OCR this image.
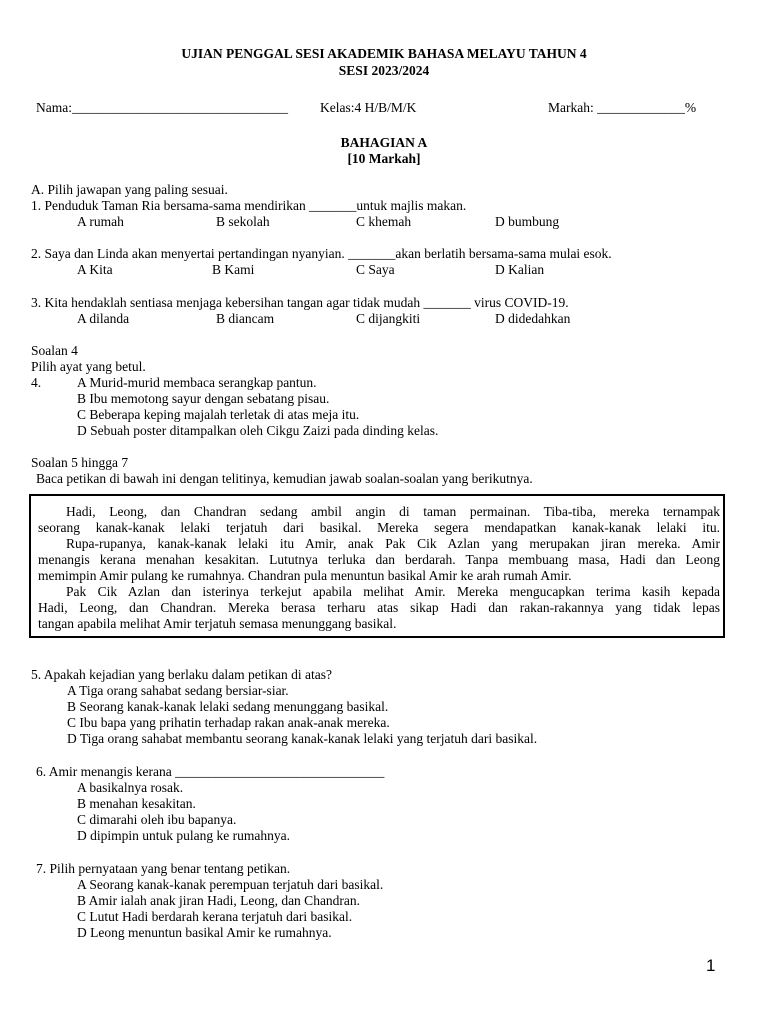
UJIAN PENGGAL SESI AKADEMIK BAHASA MELAYU TAHUN 4
SESI 2023/2024
Nama:________________________________ Kelas:4 H/B/M/K	Markah: _____________%
BAHAGIAN A
[10 Markah]
A. Pilih jawapan yang paling sesuai.
1. Penduduk Taman Ria bersama-sama mendirikan _______untuk majlis makan.
A rumah	B sekolah	C khemah	D bumbung
2. Saya dan Linda akan menyertai pertandingan nyanyian. _______akan berlatih bersama-sama mulai esok.
A Kita	B Kami	C Saya	D Kalian
3. Kita hendaklah sentiasa menjaga kebersihan tangan agar tidak mudah _______ virus COVID-19.
A dilanda	B diancam	C dijangkiti	D didedahkan
Soalan 4
Pilih ayat yang betul.
4.	A Murid-murid membaca serangkap pantun.
B Ibu memotong sayur dengan sebatang pisau.
C Beberapa keping majalah terletak di atas meja itu.
D Sebuah poster ditampalkan oleh Cikgu Zaizi pada dinding kelas.
Soalan 5 hingga 7
Baca petikan di bawah ini dengan telitinya, kemudian jawab soalan-soalan yang berikutnya.
Hadi, Leong, dan Chandran sedang ambil angin di taman permainan. Tiba-tiba, mereka ternampak
seorang kanak-kanak lelaki terjatuh dari basikal. Mereka segera mendapatkan kanak-kanak lelaki itu.
Rupa-rupanya, kanak-kanak lelaki itu Amir, anak Pak Cik Azlan yang merupakan jiran mereka. Amir
menangis kerana menahan kesakitan. Lututnya terluka dan berdarah. Tanpa membuang masa, Hadi dan Leong
memimpin Amir pulang ke rumahnya. Chandran pula menuntun basikal Amir ke arah rumah Amir.
Pak Cik Azlan dan isterinya terkejut apabila melihat Amir. Mereka mengucapkan terima kasih kepada
Hadi, Leong, dan Chandran. Mereka berasa terharu atas sikap Hadi dan rakan-rakannya yang tidak lepas
tangan apabila melihat Amir terjatuh semasa menunggang basikal.
5. Apakah kejadian yang berlaku dalam petikan di atas?
A Tiga orang sahabat sedang bersiar-siar.
B Seorang kanak-kanak lelaki sedang menunggang basikal.
C Ibu bapa yang prihatin terhadap rakan anak-anak mereka.
D Tiga orang sahabat membantu seorang kanak-kanak lelaki yang terjatuh dari basikal.
6. Amir menangis kerana _______________________________
A basikalnya rosak.
B menahan kesakitan.
C dimarahi oleh ibu bapanya.
D dipimpin untuk pulang ke rumahnya.
7. Pilih pernyataan yang benar tentang petikan.
A Seorang kanak-kanak perempuan terjatuh dari basikal.
B Amir ialah anak jiran Hadi, Leong, dan Chandran.
C Lutut Hadi berdarah kerana terjatuh dari basikal.
D Leong menuntun basikal Amir ke rumahnya.
1
